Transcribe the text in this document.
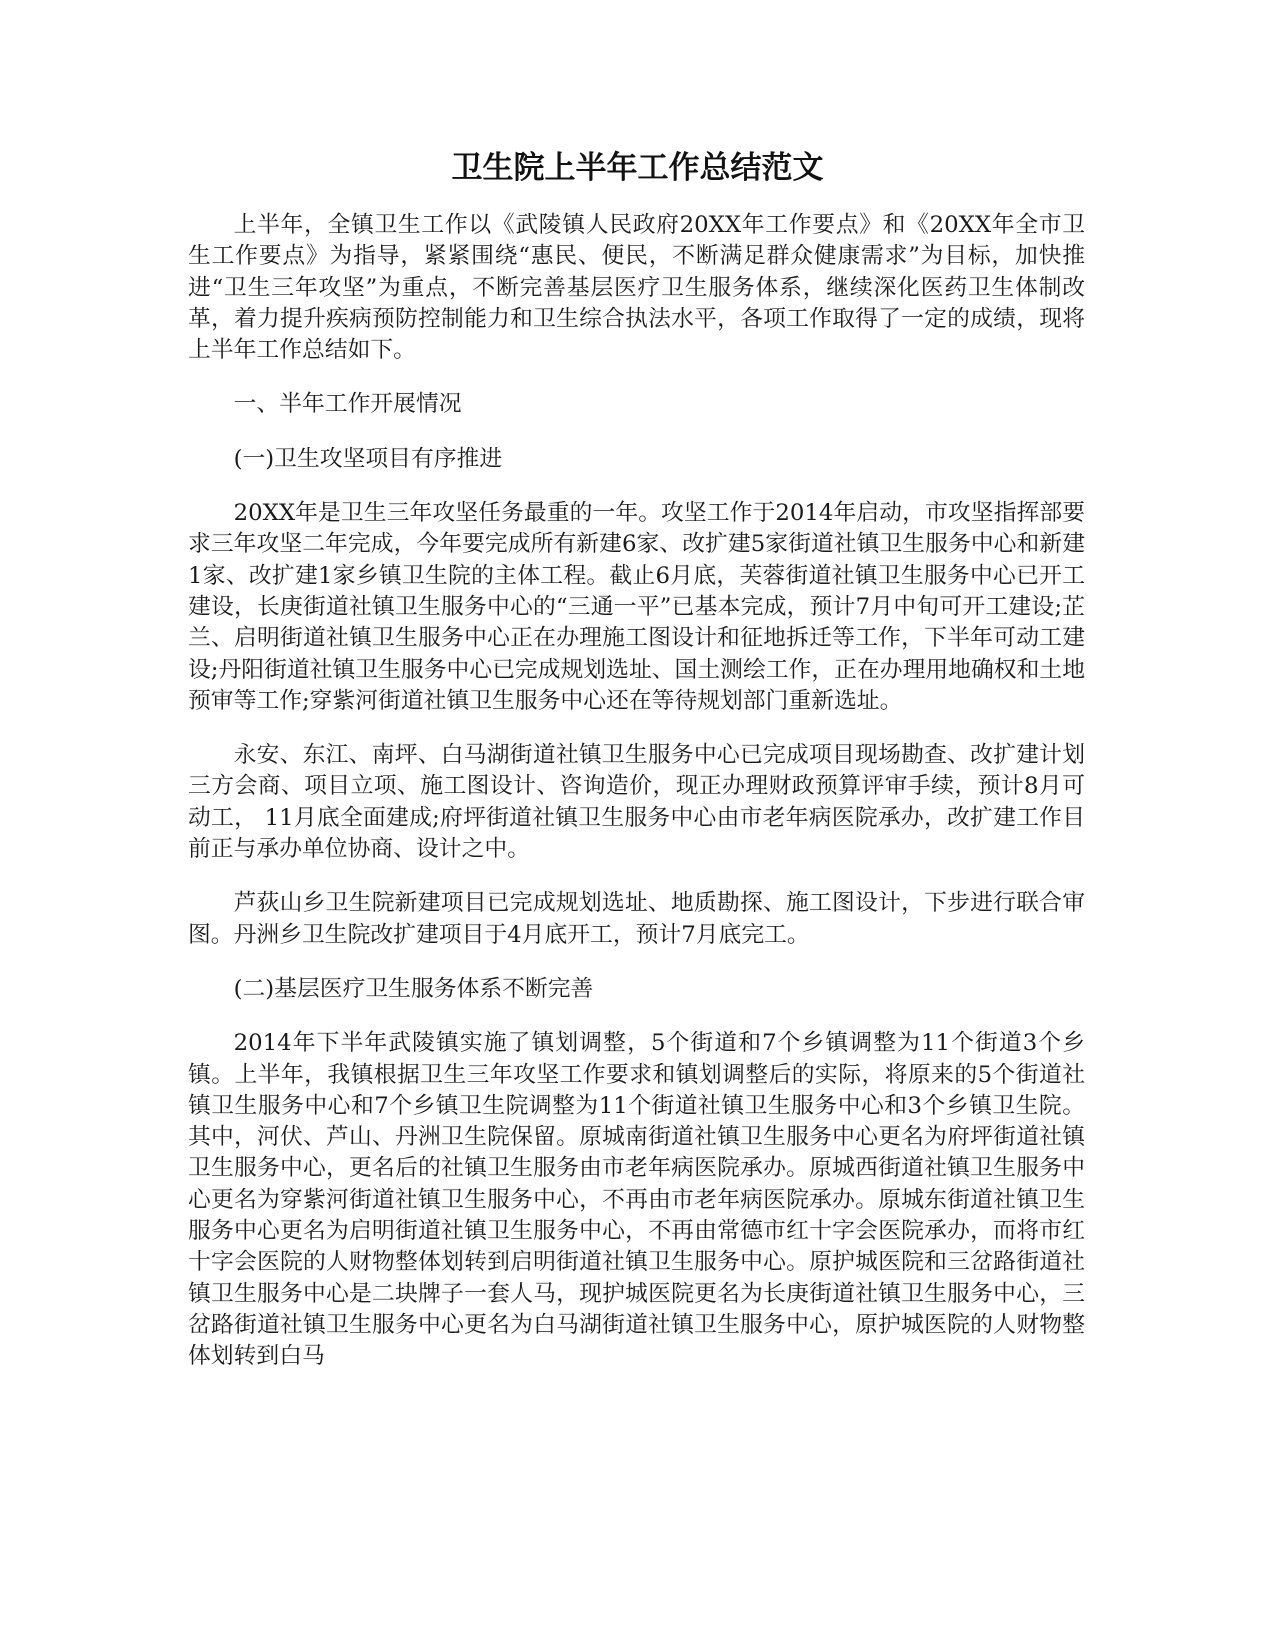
卫生院上半年工作总结范文

上半年，全镇卫生工作以《武陵镇人民政府20XX年工作要点》和《20XX年全市卫生工作要点》为指导，紧紧围绕“惠民、便民，不断满足群众健康需求”为目标，加快推进“卫生三年攻坚”为重点，不断完善基层医疗卫生服务体系，继续深化医药卫生体制改革，着力提升疾病预防控制能力和卫生综合执法水平，各项工作取得了一定的成绩，现将上半年工作总结如下。

一、半年工作开展情况

(一)卫生攻坚项目有序推进

20XX年是卫生三年攻坚任务最重的一年。攻坚工作于2014年启动，市攻坚指挥部要求三年攻坚二年完成，今年要完成所有新建6家、改扩建5家街道社镇卫生服务中心和新建1家、改扩建1家乡镇卫生院的主体工程。截止6月底，芙蓉街道社镇卫生服务中心已开工建设，长庚街道社镇卫生服务中心的“三通一平”已基本完成，预计7月中旬可开工建设;芷兰、启明街道社镇卫生服务中心正在办理施工图设计和征地拆迁等工作，下半年可动工建设;丹阳街道社镇卫生服务中心已完成规划选址、国土测绘工作，正在办理用地确权和土地预审等工作;穿紫河街道社镇卫生服务中心还在等待规划部门重新选址。

永安、东江、南坪、白马湖街道社镇卫生服务中心已完成项目现场勘查、改扩建计划三方会商、项目立项、施工图设计、咨询造价，现正办理财政预算评审手续，预计8月可动工， 11月底全面建成;府坪街道社镇卫生服务中心由市老年病医院承办，改扩建工作目前正与承办单位协商、设计之中。

芦荻山乡卫生院新建项目已完成规划选址、地质勘探、施工图设计，下步进行联合审图。丹洲乡卫生院改扩建项目于4月底开工，预计7月底完工。

(二)基层医疗卫生服务体系不断完善

2014年下半年武陵镇实施了镇划调整，5个街道和7个乡镇调整为11个街道3个乡镇。上半年，我镇根据卫生三年攻坚工作要求和镇划调整后的实际，将原来的5个街道社镇卫生服务中心和7个乡镇卫生院调整为11个街道社镇卫生服务中心和3个乡镇卫生院。其中，河伏、芦山、丹洲卫生院保留。原城南街道社镇卫生服务中心更名为府坪街道社镇卫生服务中心，更名后的社镇卫生服务由市老年病医院承办。原城西街道社镇卫生服务中心更名为穿紫河街道社镇卫生服务中心，不再由市老年病医院承办。原城东街道社镇卫生服务中心更名为启明街道社镇卫生服务中心，不再由常德市红十字会医院承办，而将市红十字会医院的人财物整体划转到启明街道社镇卫生服务中心。原护城医院和三岔路街道社镇卫生服务中心是二块牌子一套人马，现护城医院更名为长庚街道社镇卫生服务中心，三岔路街道社镇卫生服务中心更名为白马湖街道社镇卫生服务中心，原护城医院的人财物整体划转到白马
